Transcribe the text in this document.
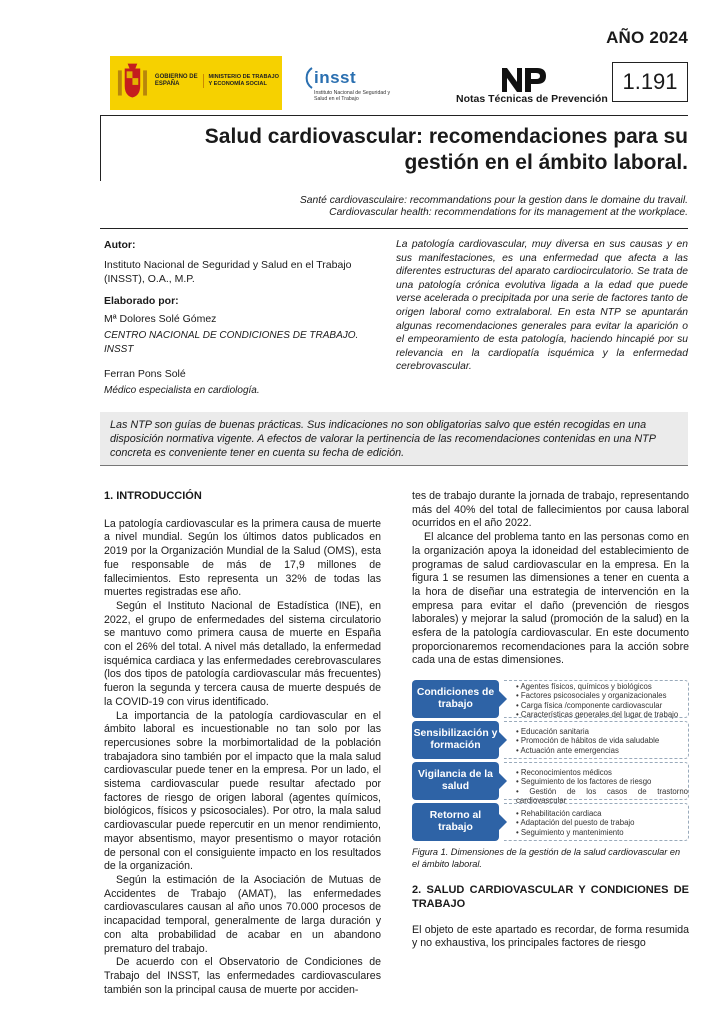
AÑO 2024
GOBIERNO DE ESPAÑA
MINISTERIO DE TRABAJO Y ECONOMÍA SOCIAL	insst
Instituto Nacional de Seguridad y Salud en el Trabajo	Notas Técnicas de Prevención
1.191
Salud cardiovascular: recomendaciones para su gestión en el ámbito laboral.
Santé cardiovasculaire: recommandations pour la gestion dans le domaine du travail.
Cardiovascular health: recommendations for its management at the workplace.
Autor:
Instituto Nacional de Seguridad y Salud en el Trabajo (INSST), O.A., M.P.
Elaborado por:
Mª Dolores Solé Gómez
CENTRO NACIONAL DE CONDICIONES DE TRABAJO. INSST
Ferran Pons Solé
Médico especialista en cardiología.
La patología cardiovascular, muy diversa en sus causas y en sus manifestaciones, es una enfermedad que afecta a las diferentes estructuras del aparato cardiocirculatorio. Se trata de una patología crónica evolutiva ligada a la edad que puede verse acelerada o precipitada por una serie de factores tanto de origen laboral como extralaboral. En esta NTP se apuntarán algunas recomendaciones generales para evitar la aparición o el empeoramiento de esta patología, haciendo hincapié por su relevancia en la cardiopatía isquémica y la enfermedad cerebrovascular.
Las NTP son guías de buenas prácticas. Sus indicaciones no son obligatorias salvo que estén recogidas en una disposición normativa vigente. A efectos de valorar la pertinencia de las recomendaciones contenidas en una NTP concreta es conveniente tener en cuenta su fecha de edición.
1. INTRODUCCIÓN

La patología cardiovascular es la primera causa de muerte a nivel mundial. Según los últimos datos publicados en 2019 por la Organización Mundial de la Salud (OMS), esta fue responsable de más de 17,9 millones de fallecimientos. Esto representa un 32% de todas las muertes registradas ese año.

Según el Instituto Nacional de Estadística (INE), en 2022, el grupo de enfermedades del sistema circulatorio se mantuvo como primera causa de muerte en España con el 26% del total. A nivel más detallado, la enfermedad isquémica cardiaca y las enfermedades cerebrovasculares (los dos tipos de patología cardiovascular más frecuentes) fueron la segunda y tercera causa de muerte después de la COVID-19 con virus identificado.

La importancia de la patología cardiovascular en el ámbito laboral es incuestionable no tan solo por las repercusiones sobre la morbimortalidad de la población trabajadora sino también por el impacto que la mala salud cardiovascular puede tener en la empresa. Por un lado, el sistema cardiovascular puede resultar afectado por factores de riesgo de origen laboral (agentes químicos, biológicos, físicos y psicosociales). Por otro, la mala salud cardiovascular puede repercutir en un menor rendimiento, mayor absentismo, mayor presentismo o mayor rotación de personal con el consiguiente impacto en los resultados de la organización.

Según la estimación de la Asociación de Mutuas de Accidentes de Trabajo (AMAT), las enfermedades cardiovasculares causan al año unos 70.000 procesos de incapacidad temporal, generalmente de larga duración y con alta probabilidad de acabar en un abandono prematuro del trabajo.

De acuerdo con el Observatorio de Condiciones de Trabajo del INSST, las enfermedades cardiovasculares también son la principal causa de muerte por acciden-

tes de trabajo durante la jornada de trabajo, representando más del 40% del total de fallecimientos por causa laboral ocurridos en el año 2022.

El alcance del problema tanto en las personas como en la organización apoya la idoneidad del establecimiento de programas de salud cardiovascular en la empresa. En la figura 1 se resumen las dimensiones a tener en cuenta a la hora de diseñar una estrategia de intervención en la empresa para evitar el daño (prevención de riesgos laborales) y mejorar la salud (promoción de la salud) en la esfera de la patología cardiovascular. En este documento proporcionaremos recomendaciones para la acción sobre cada una de estas dimensiones.

Condiciones de trabajo
• Agentes físicos, químicos y biológicos
• Factores psicosociales y organizacionales
• Carga física /componente cardiovascular
• Características generales del lugar de trabajo
Sensibilización y formación
• Educación sanitaria
• Promoción de hábitos de vida saludable
• Actuación ante emergencias
Vigilancia de la salud
• Reconocimientos médicos
• Seguimiento de los factores de riesgo
• Gestión de los casos de trastorno cardiovascular
Retorno al trabajo
• Rehabilitación cardiaca
• Adaptación del puesto de trabajo
• Seguimiento y mantenimiento
Figura 1. Dimensiones de la gestión de la salud cardiovascular en el ámbito laboral.
2. SALUD CARDIOVASCULAR Y CONDICIONES DE TRABAJO

El objeto de este apartado es recordar, de forma resumida y no exhaustiva, los principales factores de riesgo
